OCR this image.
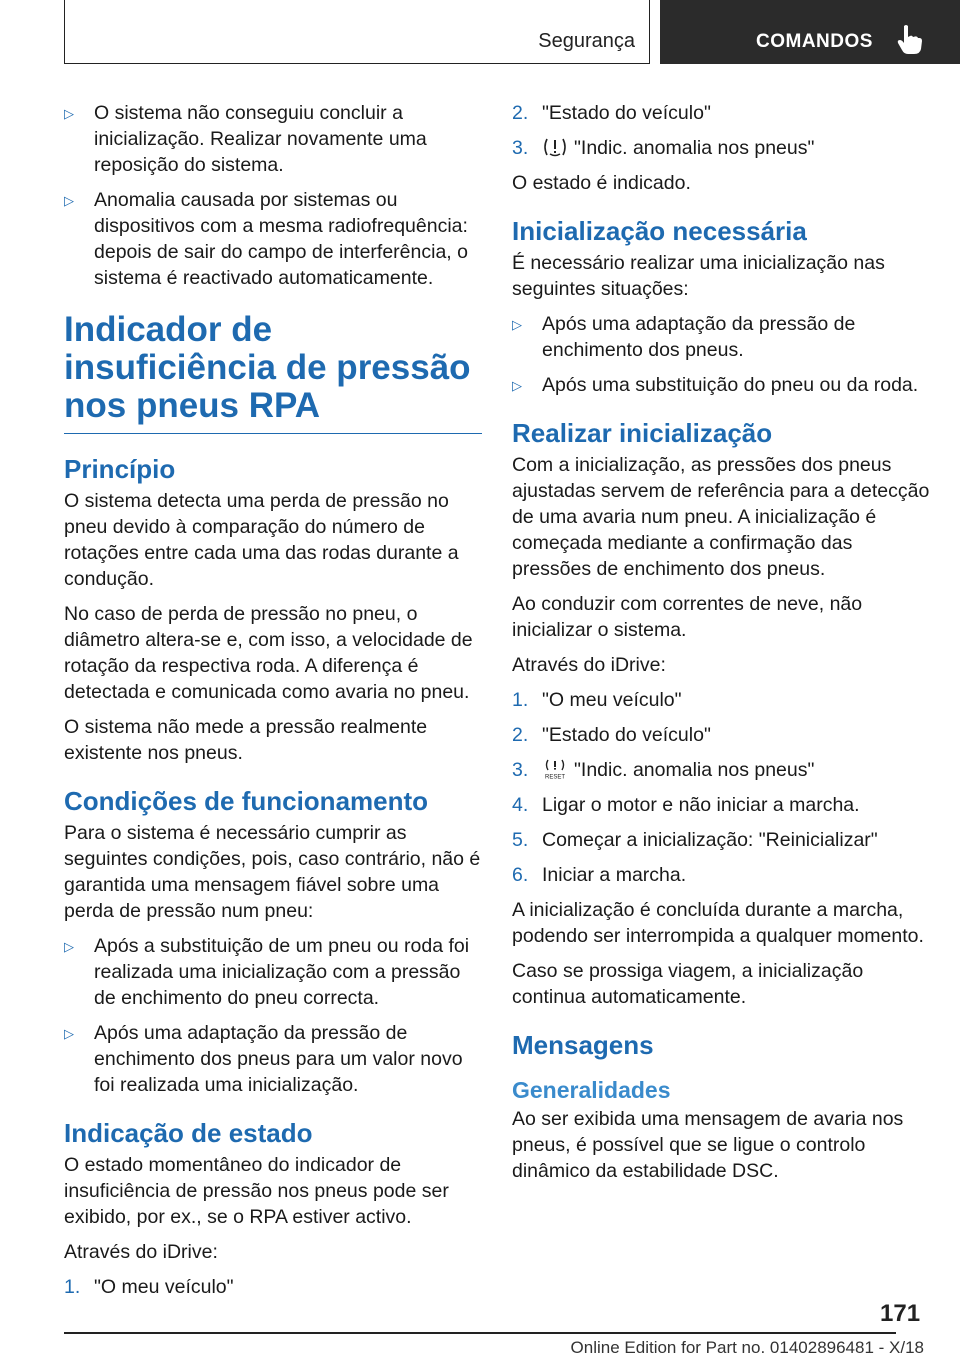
Segurança	COMANDOS
▷ O sistema não conseguiu concluir a inicialização. Realizar novamente uma reposição do sistema.
▷ Anomalia causada por sistemas ou dispositivos com a mesma radiofrequência: depois de sair do campo de interferência, o sistema é reactivado automaticamente.
Indicador de insuficiência de pressão nos pneus RPA
Princípio

O sistema detecta uma perda de pressão no pneu devido à comparação do número de rotações entre cada uma das rodas durante a condução.

No caso de perda de pressão no pneu, o diâmetro altera-se e, com isso, a velocidade de rotação da respectiva roda. A diferença é detectada e comunicada como avaria no pneu.

O sistema não mede a pressão realmente existente nos pneus.

Condições de funcionamento

Para o sistema é necessário cumprir as seguintes condições, pois, caso contrário, não é garantida uma mensagem fiável sobre uma perda de pressão num pneu:

▷ Após a substituição de um pneu ou roda foi realizada uma inicialização com a pressão de enchimento do pneu correcta.
▷ Após uma adaptação da pressão de enchimento dos pneus para um valor novo foi realizada uma inicialização.
Indicação de estado

O estado momentâneo do indicador de insuficiência de pressão nos pneus pode ser exibido, por ex., se o RPA estiver activo.

Através do iDrive:

1. "O meu veículo"
2. "Estado do veículo"
3.	"Indic. anomalia nos pneus"

O estado é indicado.

Inicialização necessária

É necessário realizar uma inicialização nas seguintes situações:

▷ Após uma adaptação da pressão de enchimento dos pneus.
▷ Após uma substituição do pneu ou da roda.
Realizar inicialização

Com a inicialização, as pressões dos pneus ajustadas servem de referência para a detecção de uma avaria num pneu. A inicialização é começada mediante a confirmação das pressões de enchimento dos pneus.

Ao conduzir com correntes de neve, não inicializar o sistema.

Através do iDrive:

1. "O meu veículo"
2. "Estado do veículo"
3.	RESET "Indic. anomalia nos pneus"
4. Ligar o motor e não iniciar a marcha.
5. Começar a inicialização: "Reinicializar"
6. Iniciar a marcha.

A inicialização é concluída durante a marcha, podendo ser interrompida a qualquer momento.

Caso se prossiga viagem, a inicialização continua automaticamente.

Mensagens
Generalidades

Ao ser exibida uma mensagem de avaria nos pneus, é possível que se ligue o controlo dinâmico da estabilidade DSC.

171
Online Edition for Part no. 01402896481 - X/18
